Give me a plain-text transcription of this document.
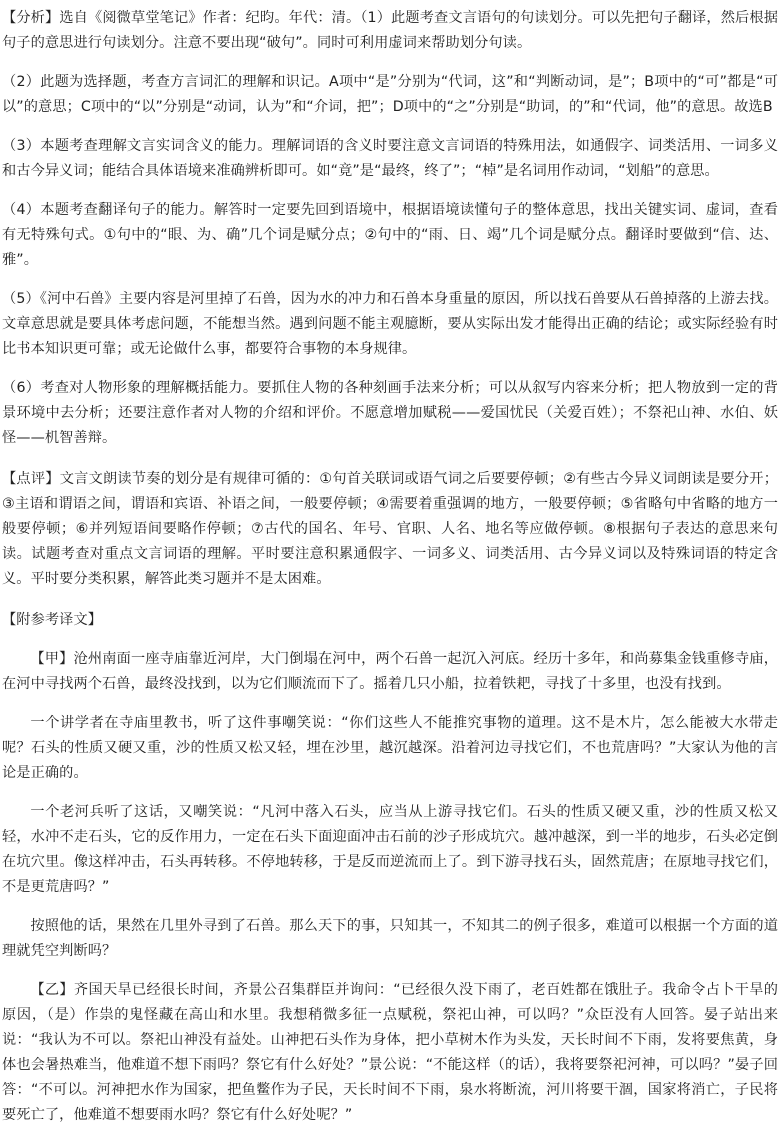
【分析】选自《阅微草堂笔记》作者：纪昀。年代：清。（1）此题考查文言语句的句读划分。可以先把句子翻译，然后根据句子的意思进行句读划分。注意不要出现“破句”。同时可利用虚词来帮助划分句读。

（2）此题为选择题，考查方言词汇的理解和识记。A项中“是”分别为“代词，这”和“判断动词，是”；B项中的“可”都是“可以”的意思；C项中的“以”分别是“动词，认为”和“介词，把”；D项中的“之”分别是“助词，的”和“代词，他”的意思。故选B

（3）本题考查理解文言实词含义的能力。理解词语的含义时要注意文言词语的特殊用法，如通假字、词类活用、一词多义和古今异义词；能结合具体语境来准确辨析即可。如“竟”是“最终，终了”；“棹”是名词用作动词，“划船”的意思。

（4）本题考查翻译句子的能力。解答时一定要先回到语境中，根据语境读懂句子的整体意思，找出关键实词、虚词，查看有无特殊句式。①句中的“眼、为、确”几个词是赋分点；②句中的“雨、日、竭”几个词是赋分点。翻译时要做到“信、达、雅”。

（5）《河中石兽》主要内容是河里掉了石兽，因为水的冲力和石兽本身重量的原因，所以找石兽要从石兽掉落的上游去找。文章意思就是要具体考虑问题，不能想当然。遇到问题不能主观臆断，要从实际出发才能得出正确的结论；或实际经验有时比书本知识更可靠；或无论做什么事，都要符合事物的本身规律。

（6）考查对人物形象的理解概括能力。要抓住人物的各种刻画手法来分析；可以从叙写内容来分析；把人物放到一定的背景环境中去分析；还要注意作者对人物的介绍和评价。不愿意增加赋税——爱国忧民（关爱百姓）；不祭祀山神、水伯、妖怪——机智善辩。

【点评】文言文朗读节奏的划分是有规律可循的：①句首关联词或语气词之后要要停顿；②有些古今异义词朗读是要分开；③主语和谓语之间，谓语和宾语、补语之间，一般要停顿；④需要着重强调的地方，一般要停顿；⑤省略句中省略的地方一般要停顿；⑥并列短语间要略作停顿；⑦古代的国名、年号、官职、人名、地名等应做停顿。⑧根据句子表达的意思来句读。试题考查对重点文言词语的理解。平时要注意积累通假字、一词多义、词类活用、古今异义词以及特殊词语的特定含义。平时要分类积累，解答此类习题并不是太困难。

【附参考译文】

【甲】沧州南面一座寺庙靠近河岸，大门倒塌在河中，两个石兽一起沉入河底。经历十多年，和尚募集金钱重修寺庙，在河中寻找两个石兽，最终没找到，以为它们顺流而下了。摇着几只小船，拉着铁耙，寻找了十多里，也没有找到。

一个讲学者在寺庙里教书，听了这件事嘲笑说：“你们这些人不能推究事物的道理。这不是木片，怎么能被大水带走呢？石头的性质又硬又重，沙的性质又松又轻，埋在沙里，越沉越深。沿着河边寻找它们，不也荒唐吗？”大家认为他的言论是正确的。

一个老河兵听了这话，又嘲笑说：“凡河中落入石头，应当从上游寻找它们。石头的性质又硬又重，沙的性质又松又轻，水冲不走石头，它的反作用力，一定在石头下面迎面冲击石前的沙子形成坑穴。越冲越深，到一半的地步，石头必定倒在坑穴里。像这样冲击，石头再转移。不停地转移，于是反而逆流而上了。到下游寻找石头，固然荒唐；在原地寻找它们，不是更荒唐吗？”

按照他的话，果然在几里外寻到了石兽。那么天下的事，只知其一，不知其二的例子很多，难道可以根据一个方面的道理就凭空判断吗？

【乙】齐国天旱已经很长时间，齐景公召集群臣并询问：“已经很久没下雨了，老百姓都在饿肚子。我命令占卜干旱的原因，（是）作祟的鬼怪藏在高山和水里。我想稍微多征一点赋税，祭祀山神，可以吗？”众臣没有人回答。晏子站出来说：“我认为不可以。祭祀山神没有益处。山神把石头作为身体，把小草树木作为头发，天长时间不下雨，发将要焦黄，身体也会暑热难当，他难道不想下雨吗？祭它有什么好处？”景公说：“不能这样（的话），我将要祭祀河神，可以吗？”晏子回答：“不可以。河神把水作为国家，把鱼鳖作为子民，天长时间不下雨，泉水将断流，河川将要干涸，国家将消亡，子民将要死亡了，他难道不想要雨水吗？祭它有什么好处呢？”
